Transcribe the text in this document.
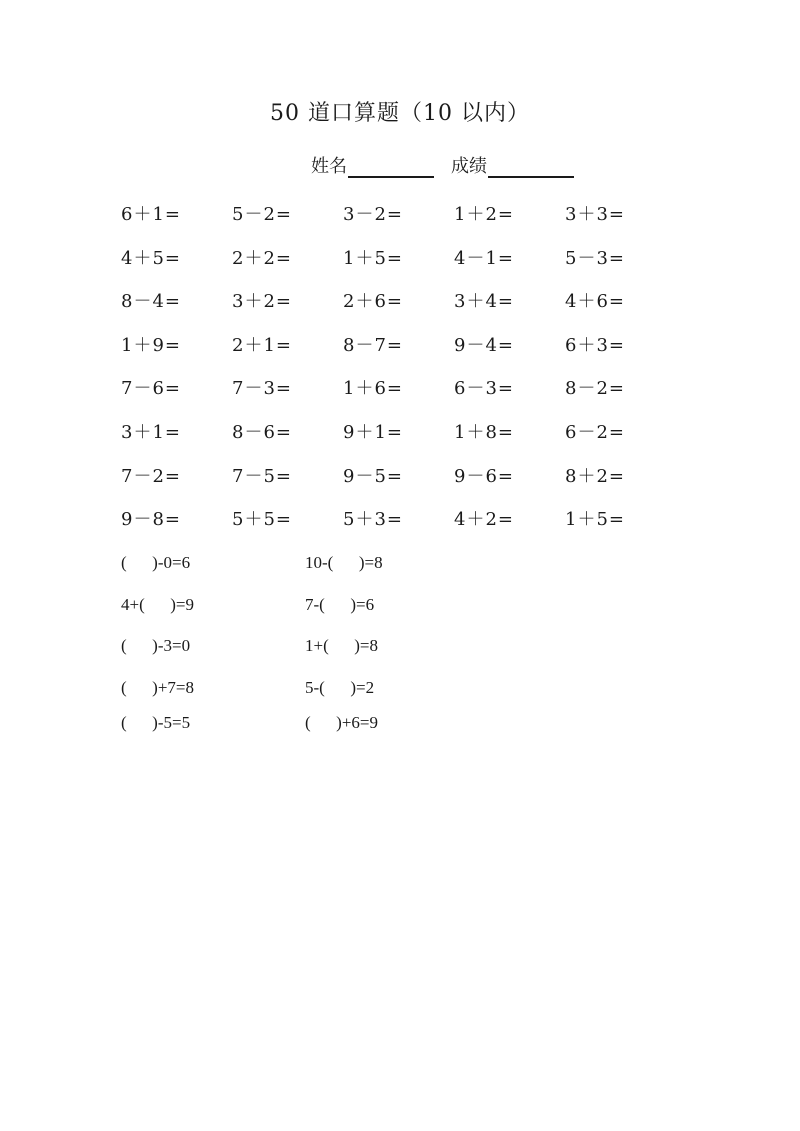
50 道口算题（10 以内）
姓名	成绩
6＋1=	5－2=	3－2=	1＋2=	3＋3=
4＋5=	2＋2=	1＋5=	4－1=	5－3=
8－4=	3＋2=	2＋6=	3＋4=	4＋6=
1＋9=	2＋1=	8－7=	9－4=	6＋3=
7－6=	7－3=	1＋6=	6－3=	8－2=
3＋1=	8－6=	9＋1=	1＋8=	6－2=
7－2=	7－5=	9－5=	9－6=	8＋2=
9－8=	5＋5=	5＋3=	4＋2=	1＋5=
(      )-0=6	10-(      )=8
4+(      )=9	7-(      )=6
(      )-3=0	1+(      )=8
(      )+7=8	5-(      )=2
(      )-5=5	(      )+6=9
